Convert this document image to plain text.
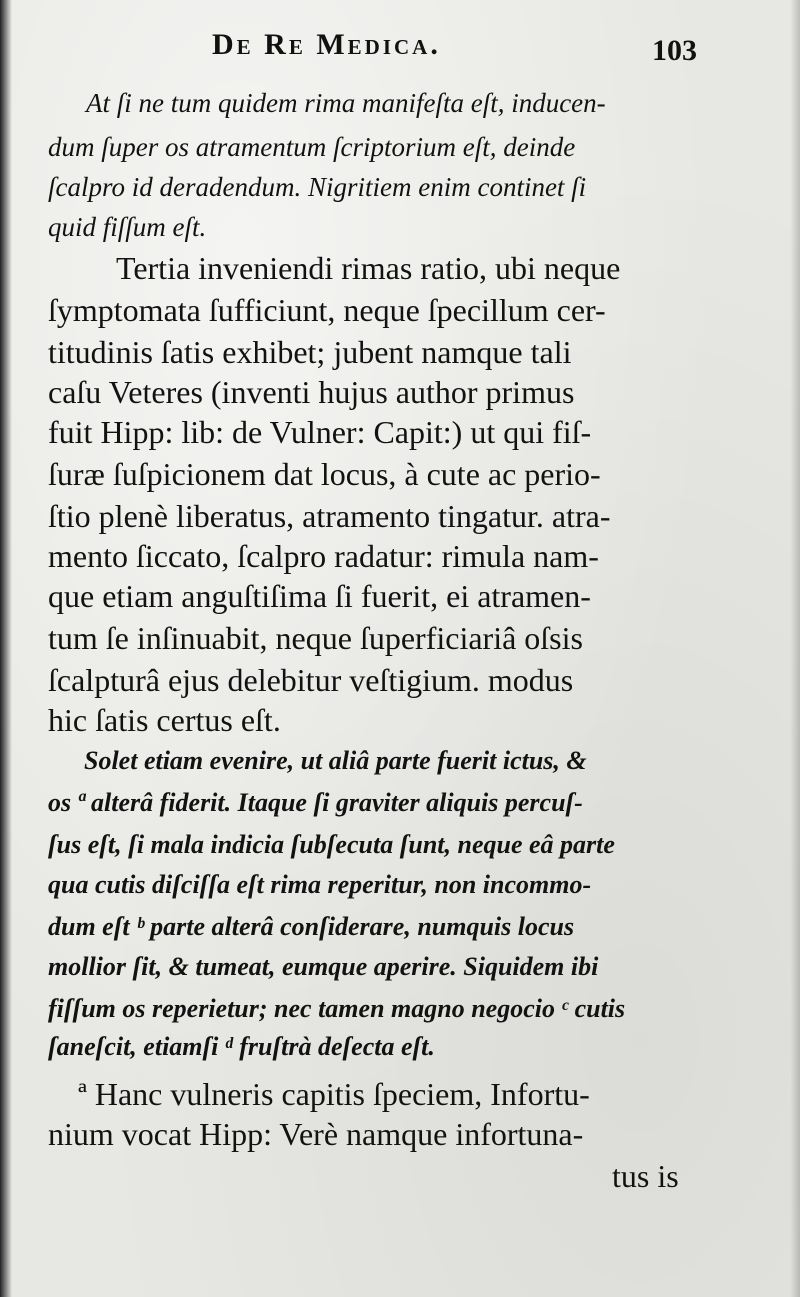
De Re Medica.	103
At ſi ne tum quidem rima manifeſta eſt, inducen-
dum ſuper os atramentum ſcriptorium eſt, deinde
ſcalpro id deradendum. Nigritiem enim continet ſi
quid fiſſum eſt.
Tertia inveniendi rimas ratio, ubi neque
ſymptomata ſufficiunt, neque ſpecillum cer-
titudinis ſatis exhibet; jubent namque tali
caſu Veteres (inventi hujus author primus
fuit Hipp: lib: de Vulner: Capit:) ut qui fiſ-
ſuræ ſuſpicionem dat locus, à cute ac perio-
ſtio plenè liberatus, atramento tingatur. atra-
mento ſiccato, ſcalpro radatur: rimula nam-
que etiam anguſtiſima ſi fuerit, ei atramen-
tum ſe inſinuabit, neque ſuperficiariâ oſsis
ſcalpturâ ejus delebitur veſtigium. modus
hic ſatis certus eſt.
Solet etiam evenire, ut aliâ parte fuerit ictus, &
os ª alterâ fiderit. Itaque ſi graviter aliquis percuſ-
ſus eſt, ſi mala indicia ſubſecuta ſunt, neque eâ parte
qua cutis diſciſſa eſt rima reperitur, non incommo-
dum eſt ᵇ parte alterâ conſiderare, numquis locus
mollior ſit, & tumeat, eumque aperire. Siquidem ibi
fiſſum os reperietur; nec tamen magno negocio ᶜ cutis
ſaneſcit, etiamſi ᵈ fruſtrà deſecta eſt.
ª Hanc vulneris capitis ſpeciem, Infortu-
nium vocat Hipp: Verè namque infortuna-
tus is
